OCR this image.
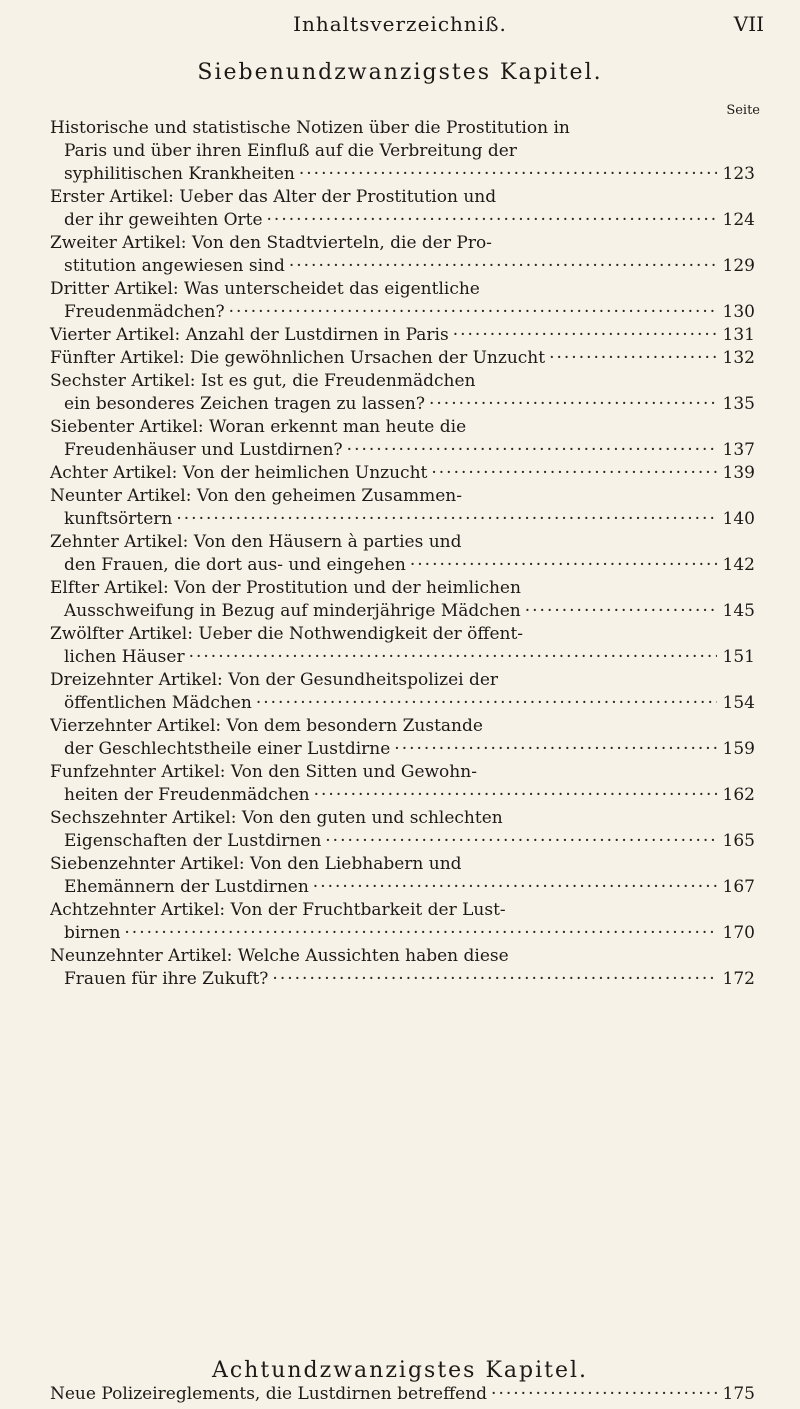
Inhaltsverzeichniß.	VII
Siebenundzwanzigstes Kapitel.
Seite
Historische und statistische Notizen über die Prostitution in
Paris und über ihren Einfluß auf die Verbreitung der
syphilitischen Krankheiten ·····	123
Erster Artikel: Ueber das Alter der Prostitution und
der ihr geweihten Orte ·····	124
Zweiter Artikel: Von den Stadtvierteln, die der Pro-
stitution angewiesen sind ·····	129
Dritter Artikel: Was unterscheidet das eigentliche
Freudenmädchen? ·····	130
Vierter Artikel: Anzahl der Lustdirnen in Paris ·····	131
Fünfter Artikel: Die gewöhnlichen Ursachen der Unzucht ·····	132
Sechster Artikel: Ist es gut, die Freudenmädchen
ein besonderes Zeichen tragen zu lassen? ·····	135
Siebenter Artikel: Woran erkennt man heute die
Freudenhäuser und Lustdirnen? ·····	137
Achter Artikel: Von der heimlichen Unzucht ·····	139
Neunter Artikel: Von den geheimen Zusammen-
kunftsörtern ·····	140
Zehnter Artikel: Von den Häusern à parties und
den Frauen, die dort aus- und eingehen ·····	142
Elfter Artikel: Von der Prostitution und der heimlichen
Ausschweifung in Bezug auf minderjährige Mädchen ·····	145
Zwölfter Artikel: Ueber die Nothwendigkeit der öffent-
lichen Häuser ·····	151
Dreizehnter Artikel: Von der Gesundheitspolizei der
öffentlichen Mädchen ·····	154
Vierzehnter Artikel: Von dem besondern Zustande
der Geschlechtstheile einer Lustdirne ·····	159
Funfzehnter Artikel: Von den Sitten und Gewohn-
heiten der Freudenmädchen ·····	162
Sechszehnter Artikel: Von den guten und schlechten
Eigenschaften der Lustdirnen ·····	165
Siebenzehnter Artikel: Von den Liebhabern und
Ehemännern der Lustdirnen ·····	167
Achtzehnter Artikel: Von der Fruchtbarkeit der Lust-
birnen ·····	170
Neunzehnter Artikel: Welche Aussichten haben diese
Frauen für ihre Zukuft? ·····	172
Achtundzwanzigstes Kapitel.
Neue Polizeireglements, die Lustdirnen betreffend ·····	175
